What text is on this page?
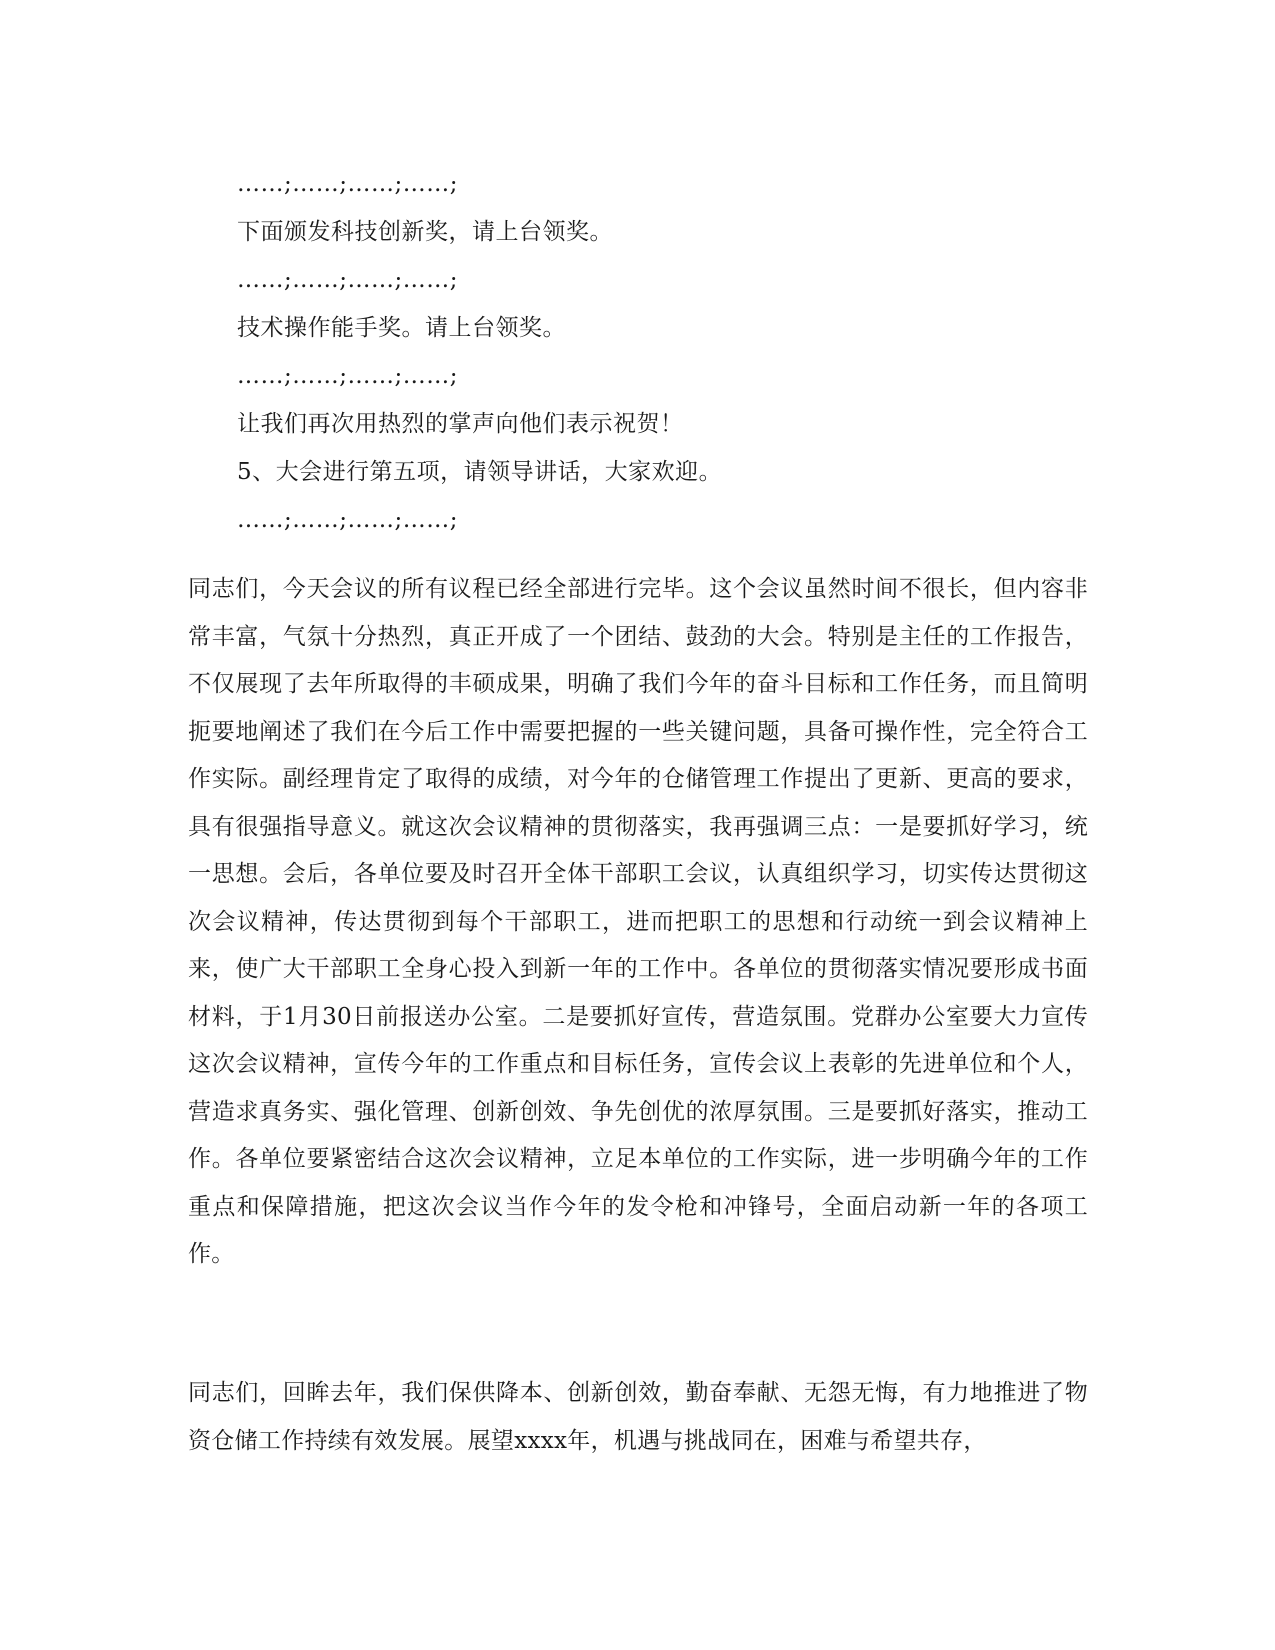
……;……;……;……;
下面颁发科技创新奖，请上台领奖。
……;……;……;……;
技术操作能手奖。请上台领奖。
……;……;……;……;
让我们再次用热烈的掌声向他们表示祝贺！
5、大会进行第五项，请领导讲话，大家欢迎。
……;……;……;……;

同志们，今天会议的所有议程已经全部进行完毕。这个会议虽然时间不很长，但内容非常丰富，气氛十分热烈，真正开成了一个团结、鼓劲的大会。特别是主任的工作报告，不仅展现了去年所取得的丰硕成果，明确了我们今年的奋斗目标和工作任务，而且简明扼要地阐述了我们在今后工作中需要把握的一些关键问题，具备可操作性，完全符合工作实际。副经理肯定了取得的成绩，对今年的仓储管理工作提出了更新、更高的要求，具有很强指导意义。就这次会议精神的贯彻落实，我再强调三点：一是要抓好学习，统一思想。会后，各单位要及时召开全体干部职工会议，认真组织学习，切实传达贯彻这次会议精神，传达贯彻到每个干部职工，进而把职工的思想和行动统一到会议精神上来，使广大干部职工全身心投入到新一年的工作中。各单位的贯彻落实情况要形成书面材料，于1月30日前报送办公室。二是要抓好宣传，营造氛围。党群办公室要大力宣传这次会议精神，宣传今年的工作重点和目标任务，宣传会议上表彰的先进单位和个人，营造求真务实、强化管理、创新创效、争先创优的浓厚氛围。三是要抓好落实，推动工作。各单位要紧密结合这次会议精神，立足本单位的工作实际，进一步明确今年的工作重点和保障措施，把这次会议当作今年的发令枪和冲锋号，全面启动新一年的各项工作。

同志们，回眸去年，我们保供降本、创新创效，勤奋奉献、无怨无悔，有力地推进了物资仓储工作持续有效发展。展望xxxx年，机遇与挑战同在，困难与希望共存，
